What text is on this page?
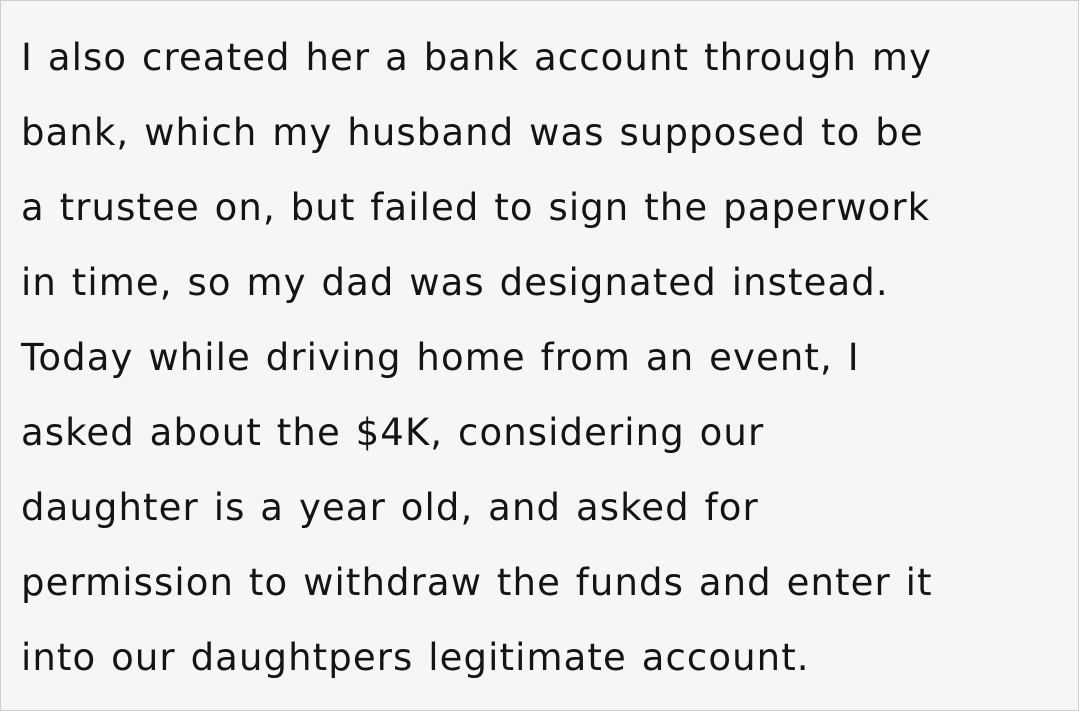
I also created her a bank account through my
bank, which my husband was supposed to be
a trustee on, but failed to sign the paperwork
in time, so my dad was designated instead.
Today while driving home from an event, I
asked about the $4K, considering our
daughter is a year old, and asked for
permission to withdraw the funds and enter it
into our daughtpers legitimate account.
